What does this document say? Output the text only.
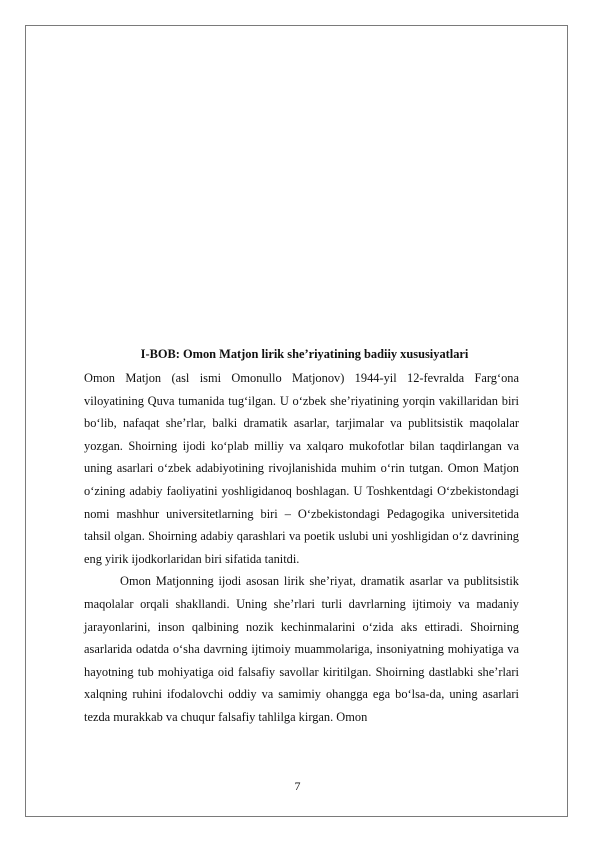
I-BOB: Omon Matjon lirik she’riyatining badiiy xususiyatlari

Omon Matjon (asl ismi Omonullo Matjonov) 1944-yil 12-fevralda Farg‘ona viloyatining Quva tumanida tug‘ilgan. U o‘zbek she’riyatining yorqin vakillaridan biri bo‘lib, nafaqat she’rlar, balki dramatik asarlar, tarjimalar va publitsistik maqolalar yozgan. Shoirning ijodi ko‘plab milliy va xalqaro mukofotlar bilan taqdirlangan va uning asarlari o‘zbek adabiyotining rivojlanishida muhim o‘rin tutgan. Omon Matjon o‘zining adabiy faoliyatini yoshligidanoq boshlagan. U Toshkentdagi O‘zbekistondagi nomi mashhur universitetlarning biri – O‘zbekistondagi Pedagogika universitetida tahsil olgan. Shoirning adabiy qarashlari va poetik uslubi uni yoshligidan o‘z davrining eng yirik ijodkorlaridan biri sifatida tanitdi.

Omon Matjonning ijodi asosan lirik she’riyat, dramatik asarlar va publitsistik maqolalar orqali shakllandi. Uning she’rlari turli davrlarning ijtimoiy va madaniy jarayonlarini, inson qalbining nozik kechinmalarini o‘zida aks ettiradi. Shoirning asarlarida odatda o‘sha davrning ijtimoiy muammolariga, insoniyatning mohiyatiga va hayotning tub mohiyatiga oid falsafiy savollar kiritilgan. Shoirning dastlabki she’rlari xalqning ruhini ifodalovchi oddiy va samimiy ohangga ega bo‘lsa-da, uning asarlari tezda murakkab va chuqur falsafiy tahlilga kirgan. Omon

7
